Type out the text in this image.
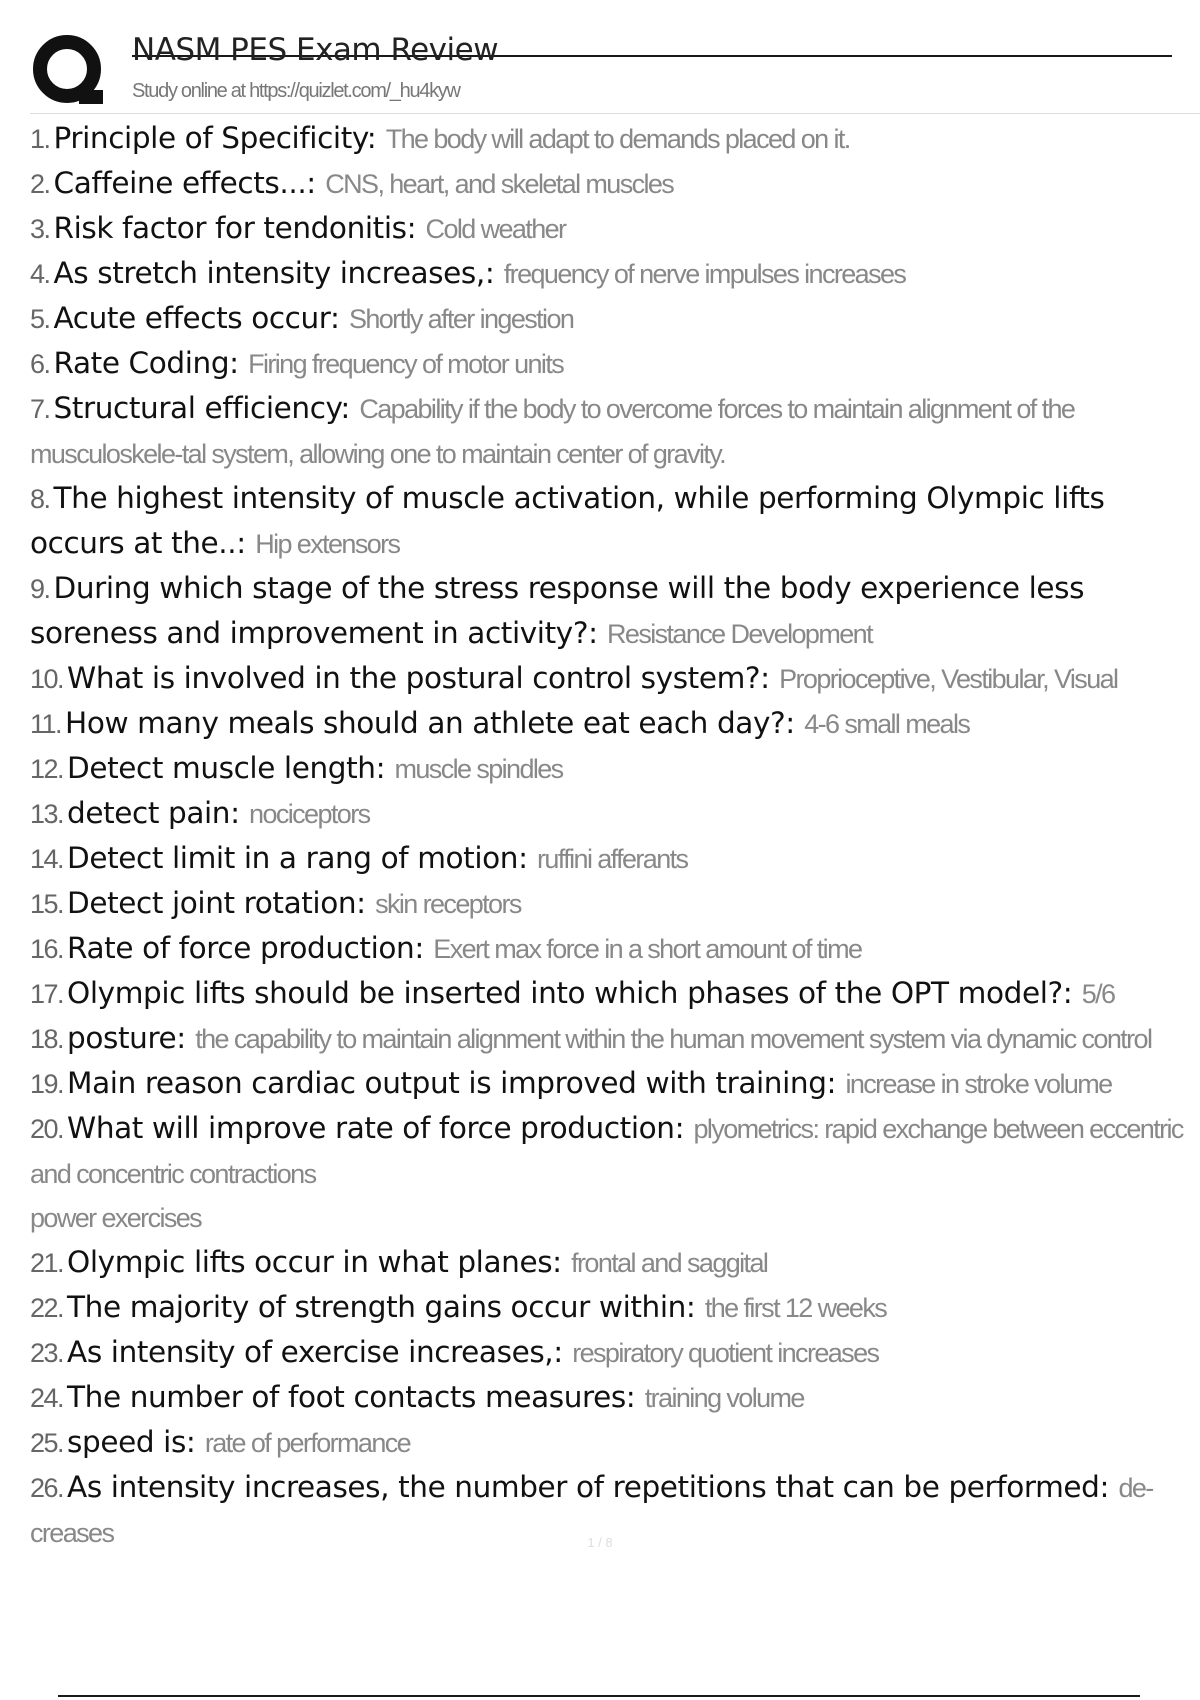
NASM PES Exam Review
Study online at https://quizlet.com/_hu4kyw
1. Principle of Specificity: The body will adapt to demands placed on it.
2. Caffeine effects...: CNS, heart, and skeletal muscles
3. Risk factor for tendonitis: Cold weather
4. As stretch intensity increases,: frequency of nerve impulses increases
5. Acute effects occur: Shortly after ingestion
6. Rate Coding: Firing frequency of motor units
7. Structural efficiency: Capability if the body to overcome forces to maintain alignment of the musculoskele-tal system, allowing one to maintain center of gravity.
8. The highest intensity of muscle activation, while performing Olympic lifts occurs at the..: Hip extensors
9. During which stage of the stress response will the body experience less soreness and improvement in activity?: Resistance Development
10. What is involved in the postural control system?: Proprioceptive, Vestibular, Visual
11. How many meals should an athlete eat each day?: 4-6 small meals
12. Detect muscle length: muscle spindles
13. detect pain: nociceptors
14. Detect limit in a rang of motion: ruffini afferants
15. Detect joint rotation: skin receptors
16. Rate of force production: Exert max force in a short amount of time
17. Olympic lifts should be inserted into which phases of the OPT model?: 5/6
18. posture: the capability to maintain alignment within the human movement system via dynamic control
19. Main reason cardiac output is improved with training: increase in stroke volume
20. What will improve rate of force production: plyometrics: rapid exchange between eccentric and concentric contractions
power exercises
21. Olympic lifts occur in what planes: frontal and saggital
22. The majority of strength gains occur within: the first 12 weeks
23. As intensity of exercise increases,: respiratory quotient increases
24. The number of foot contacts measures: training volume
25. speed is: rate of performance
26. As intensity increases, the number of repetitions that can be performed: de-creases	1 / 8
